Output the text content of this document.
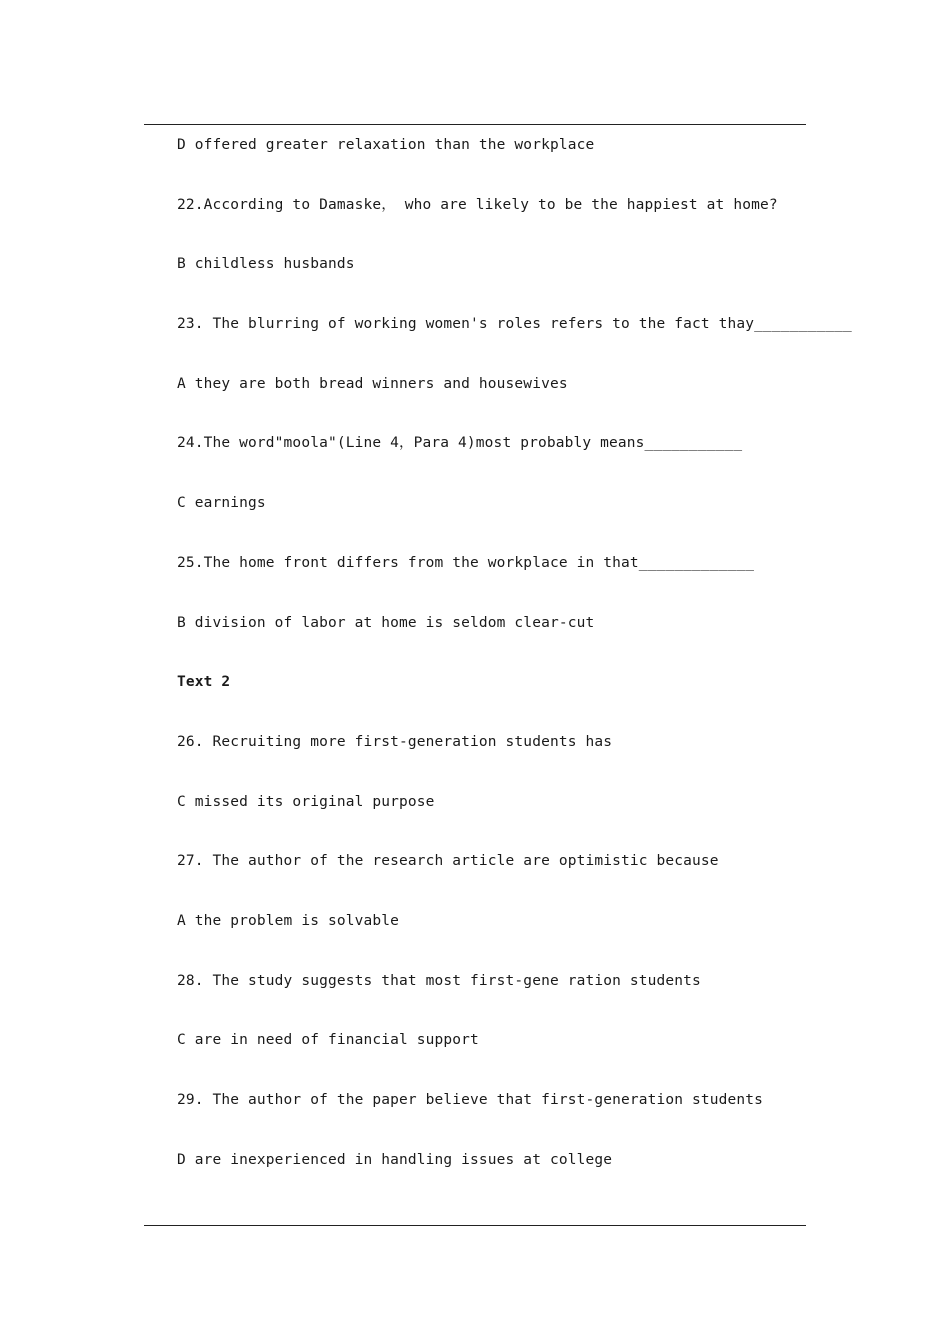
D offered greater relaxation than the workplace
22.According to Damaske， who are likely to be the happiest at home?
B childless husbands
23. The blurring of working women's roles refers to the fact thay___________
A they are both bread winners and housewives
24.The word"moola"(Line 4，Para 4)most probably means___________
C earnings
25.The home front differs from the workplace in that_____________
B division of labor at home is seldom clear-cut
Text 2
26. Recruiting more first-generation students has
C missed its original purpose
27. The author of the research article are optimistic because
A the problem is solvable
28. The study suggests that most first-gene ration students
C are in need of financial support
29. The author of the paper believe that first-generation students
D are inexperienced in handling issues at college
